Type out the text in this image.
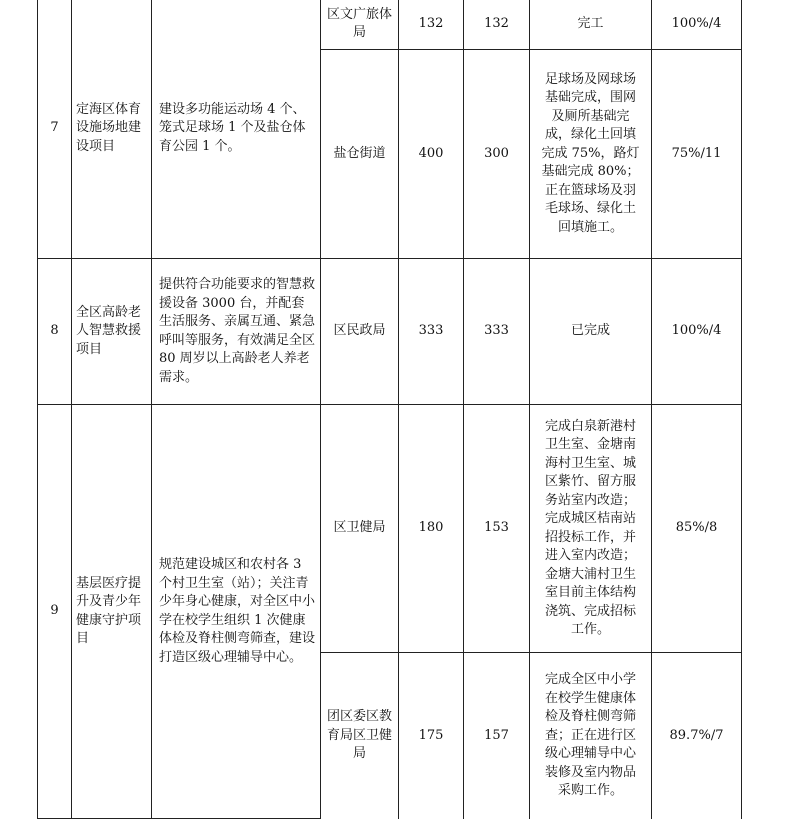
7	定海区体育设施场地建设项目	建设多功能运动场 4 个、笼式足球场 1 个及盐仓体育公园 1 个。	区文广旅体局	132	132	完工	100%/4
			盐仓街道	400	300	足球场及网球场基础完成，围网及厕所基础完成，绿化土回填完成 75%，路灯基础完成 80%；正在篮球场及羽毛球场、绿化土回填施工。	75%/11
8	全区高龄老人智慧救援项目	提供符合功能要求的智慧救援设备 3000 台，并配套生活服务、亲属互通、紧急呼叫等服务，有效满足全区 80 周岁以上高龄老人养老需求。	区民政局	333	333	已完成	100%/4
9	基层医疗提升及青少年健康守护项目	规范建设城区和农村各 3 个村卫生室（站）；关注青少年身心健康，对全区中小学在校学生组织 1 次健康体检及脊柱侧弯筛查，建设打造区级心理辅导中心。	区卫健局	180	153	完成白泉新港村卫生室、金塘南海村卫生室、城区紫竹、留方服务站室内改造；完成城区桔南站招投标工作，并进入室内改造；金塘大浦村卫生室目前主体结构浇筑、完成招标工作。	85%/8
			团区委区教育局区卫健局	175	157	完成全区中小学在校学生健康体检及脊柱侧弯筛查；正在进行区级心理辅导中心装修及室内物品采购工作。	89.7%/7
